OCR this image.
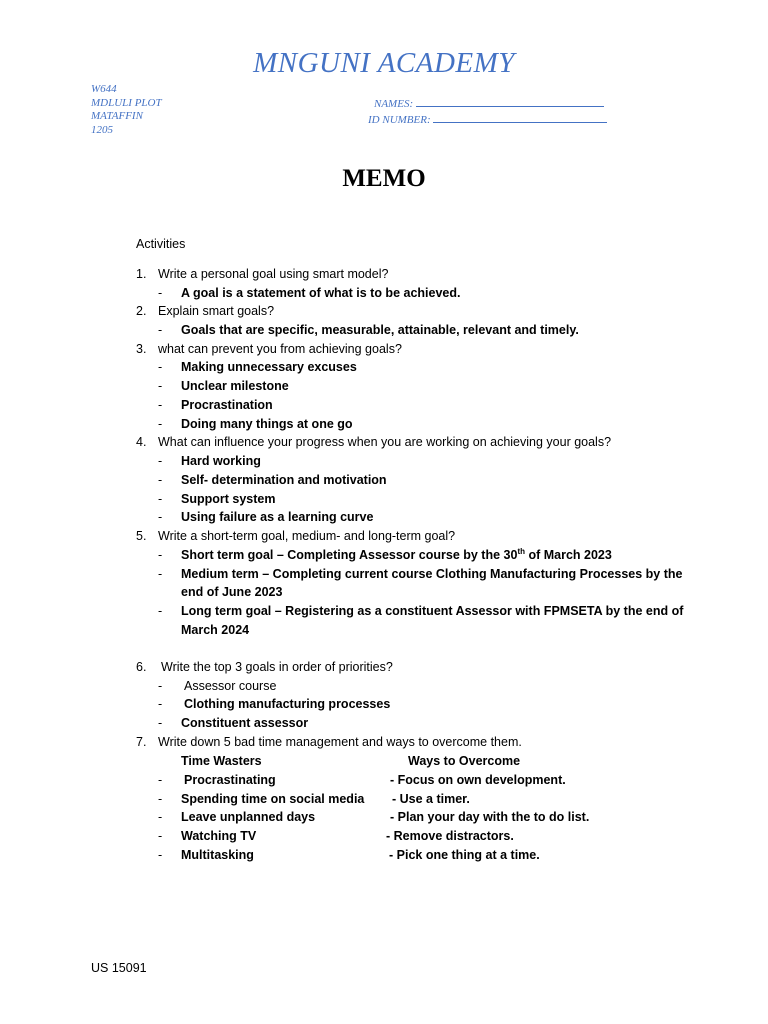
MNGUNI ACADEMY
W644
MDLULI PLOT
MATAFFIN
1205
NAMES:
ID NUMBER:
MEMO
Activities
1. Write a personal goal using smart model?
- A goal is a statement of what is to be achieved.
2. Explain smart goals?
- Goals that are specific, measurable, attainable, relevant and timely.
3. what can prevent you from achieving goals?
- Making unnecessary excuses
- Unclear milestone
- Procrastination
- Doing many things at one go
4. What can influence your progress when you are working on achieving your goals?
- Hard working
- Self- determination and motivation
- Support system
- Using failure as a learning curve
5. Write a short-term goal, medium- and long-term goal?
- Short term goal – Completing Assessor course by the 30th of March 2023
- Medium term – Completing current course Clothing Manufacturing Processes by the
end of June 2023
- Long term goal – Registering as a constituent Assessor with FPMSETA by the end of
March 2024
6. Write the top 3 goals in order of priorities?
- Assessor course
- Clothing manufacturing processes
- Constituent assessor
7. Write down 5 bad time management and ways to overcome them.
Time Wasters	Ways to Overcome
- Procrastinating	- Focus on own development.
- Spending time on social media - Use a timer.
- Leave unplanned days	- Plan your day with the to do list.
- Watching TV	- Remove distractors.
- Multitasking	- Pick one thing at a time.
US 15091
